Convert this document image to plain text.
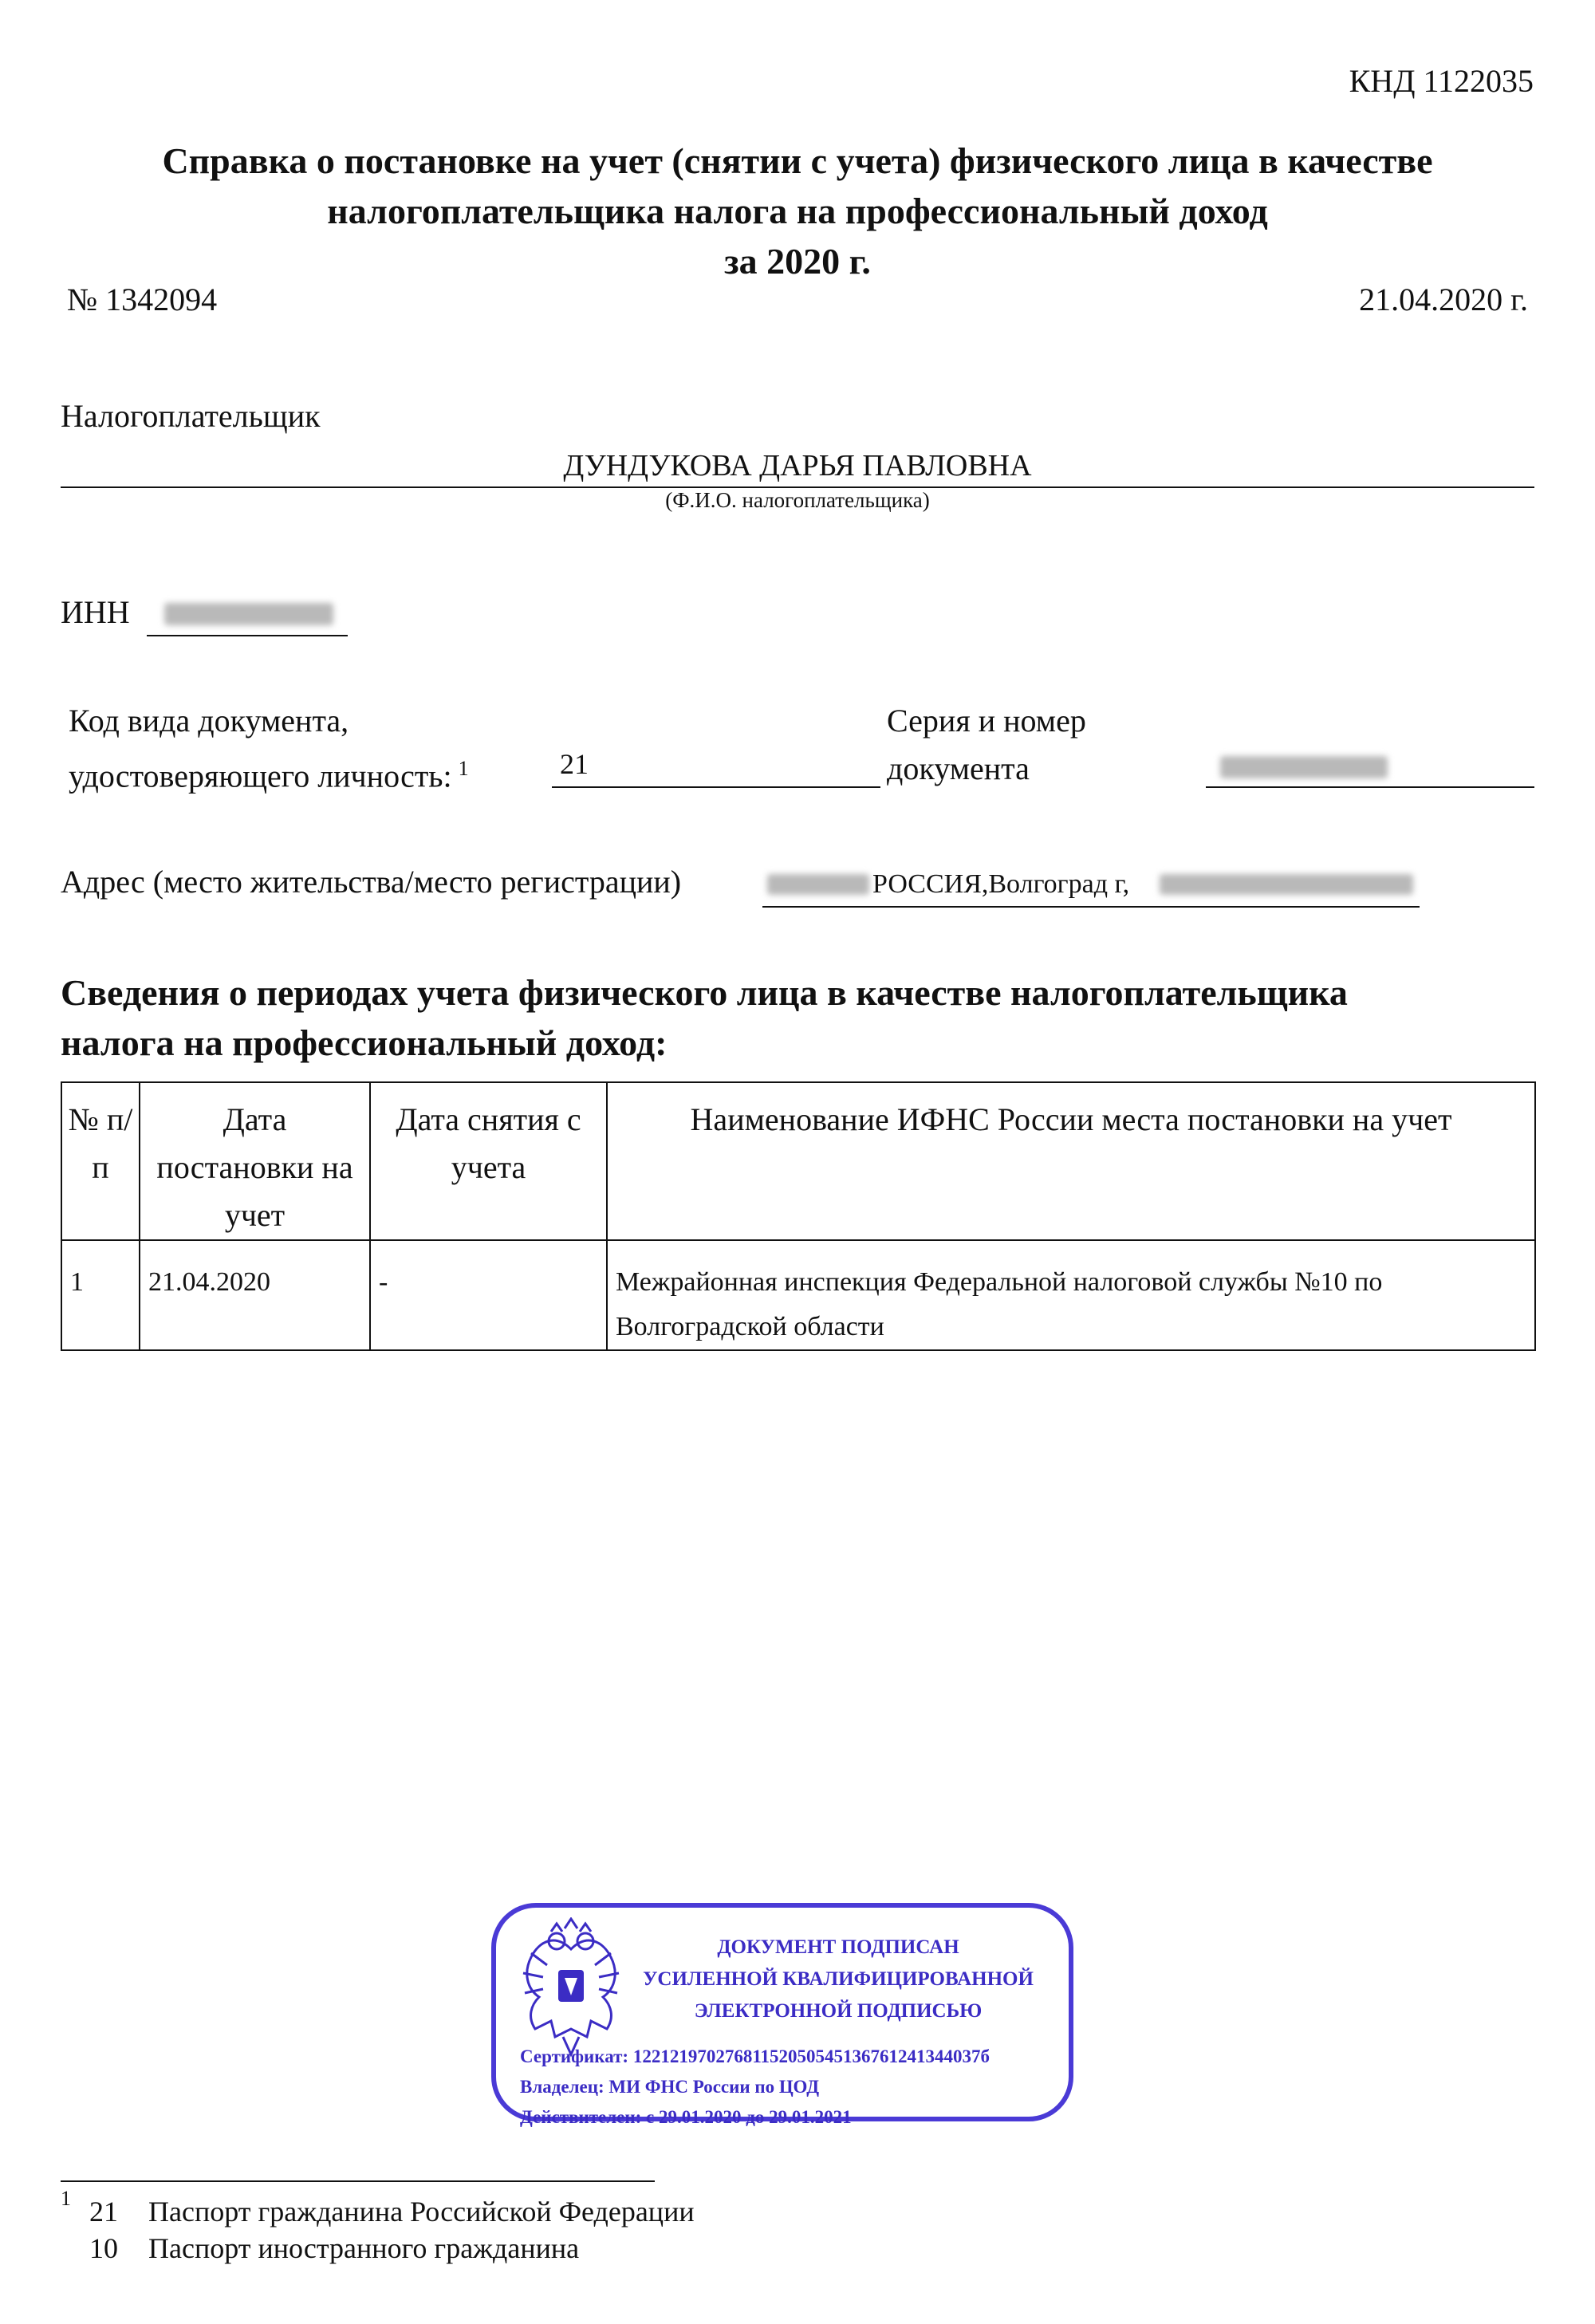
КНД 1122035
Справка о постановке на учет (снятии с учета) физического лица в качестве
налогоплательщика налога на профессиональный доход
за 2020 г.
№ 1342094	21.04.2020 г.
Налогоплательщик
ДУНДУКОВА ДАРЬЯ ПАВЛОВНА
(Ф.И.О. налогоплательщика)
ИНН
Код вида документа,
удостоверяющего личность: $^1$	21
Серия и номер
документа
Адрес (место жительства/место регистрации)	РОССИЯ,Волгоград г,
Сведения о периодах учета физического лица в качестве налогоплательщика
налога на профессиональный доход:
№ п/п	Дата постановки на учет	Дата снятия с учета	Наименование ИФНС России места постановки на учет
1	21.04.2020	-	Межрайонная инспекция Федеральной налоговой службы №10 по
Волгоградской области
ДОКУМЕНТ ПОДПИСАН
УСИЛЕННОЙ КВАЛИФИЦИРОВАННОЙ
ЭЛЕКТРОННОЙ ПОДПИСЬЮ
Сертификат: 12212197027681152050545136761241344037б
Владелец: МИ ФНС России по ЦОД
Действителен: с 29.01.2020 до 29.01.2021
1 21 Паспорт гражданина Российской Федерации
10 Паспорт иностранного гражданина
